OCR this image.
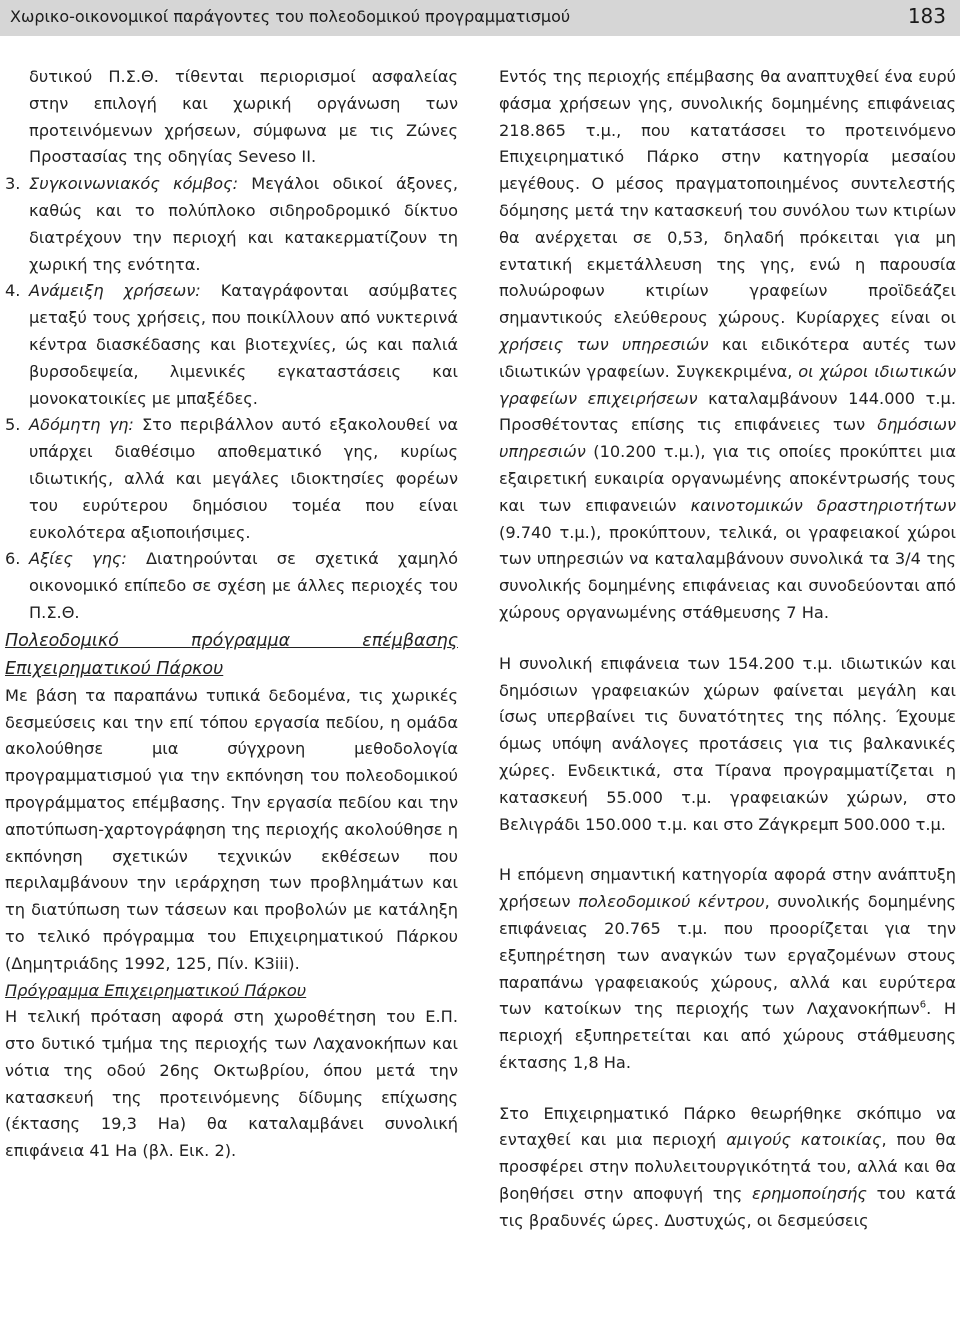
Χωρικο-οικονομικοί παράγοντες του πολεοδομικού προγραμματισμού	183

δυτικού Π.Σ.Θ. τίθενται περιορισμοί ασφαλείας στην επιλογή και χωρική οργάνωση των προτεινόμενων χρήσεων, σύμφωνα με τις Ζώνες Προστασίας της οδηγίας Seveso II.

3. Συγκοινωνιακός κόμβος: Μεγάλοι οδικοί άξονες, καθώς και το πολύπλοκο σιδηροδρομικό δίκτυο διατρέχουν την περιοχή και κατακερματίζουν τη χωρική της ενότητα.
4. Ανάμειξη χρήσεων: Καταγράφονται ασύμβατες μεταξύ τους χρήσεις, που ποικίλλουν από νυκτερινά κέντρα διασκέδασης και βιοτεχνίες, ώς και παλιά βυρσοδεψεία, λιμενικές εγκαταστάσεις και μονοκατοικίες με μπαξέδες.
5. Αδόμητη γη: Στο περιβάλλον αυτό εξακολουθεί να υπάρχει διαθέσιμο αποθεματικό γης, κυρίως ιδιωτικής, αλλά και μεγάλες ιδιοκτησίες φορέων του ευρύτερου δημόσιου τομέα που είναι ευκολότερα αξιοποιήσιμες.
6. Αξίες γης: Διατηρούνται σε σχετικά χαμηλό οικονομικό επίπεδο σε σχέση με άλλες περιοχές του Π.Σ.Θ.

Πολεοδομικό πρόγραμμα επέμβασης Επιχειρηματικού Πάρκου

Με βάση τα παραπάνω τυπικά δεδομένα, τις χωρικές δεσμεύσεις και την επί τόπου εργασία πεδίου, η ομάδα ακολούθησε μια σύγχρονη μεθοδολογία προγραμματισμού για την εκπόνηση του πολεοδομικού προγράμματος επέμβασης. Την εργασία πεδίου και την αποτύπωση-χαρτογράφηση της περιοχής ακολούθησε η εκπόνηση σχετικών τεχνικών εκθέσεων που περιλαμβάνουν την ιεράρχηση των προβλημάτων και τη διατύπωση των τάσεων και προβολών με κατάληξη το τελικό πρόγραμμα του Επιχειρηματικού Πάρκου (Δημητριάδης 1992, 125, Πίν. K3iii).

Πρόγραμμα Επιχειρηματικού Πάρκου

Η τελική πρόταση αφορά στη χωροθέτηση του Ε.Π. στο δυτικό τμήμα της περιοχής των Λαχανοκήπων και νότια της οδού 26ης Οκτωβρίου, όπου μετά την κατασκευή της προτεινόμενης δίδυμης επίχωσης (έκτασης 19,3 Ha) θα καταλαμβάνει συνολική επιφάνεια 41 Ha (βλ. Εικ. 2).

Εντός της περιοχής επέμβασης θα αναπτυχθεί ένα ευρύ φάσμα χρήσεων γης, συνολικής δομημένης επιφάνειας 218.865 τ.μ., που κατατάσσει το προτεινόμενο Επιχειρηματικό Πάρκο στην κατηγορία μεσαίου μεγέθους. Ο μέσος πραγματοποιημένος συντελεστής δόμησης μετά την κατασκευή του συνόλου των κτιρίων θα ανέρχεται σε 0,53, δηλαδή πρόκειται για μη εντατική εκμετάλλευση της γης, ενώ η παρουσία πολυώροφων κτιρίων γραφείων προϊδεάζει σημαντικούς ελεύθερους χώρους. Κυρίαρχες είναι οι χρήσεις των υπηρεσιών και ειδικότερα αυτές των ιδιωτικών γραφείων. Συγκεκριμένα, οι χώροι ιδιωτικών γραφείων επιχειρήσεων καταλαμβάνουν 144.000 τ.μ. Προσθέτοντας επίσης τις επιφάνειες των δημόσιων υπηρεσιών (10.200 τ.μ.), για τις οποίες προκύπτει μια εξαιρετική ευκαιρία οργανωμένης αποκέντρωσής τους και των επιφανειών καινοτομικών δραστηριοτήτων (9.740 τ.μ.), προκύπτουν, τελικά, οι γραφειακοί χώροι των υπηρεσιών να καταλαμβάνουν συνολικά τα 3/4 της συνολικής δομημένης επιφάνειας και συνοδεύονται από χώρους οργανωμένης στάθμευσης 7 Ha.

Η συνολική επιφάνεια των 154.200 τ.μ. ιδιωτικών και δημόσιων γραφειακών χώρων φαίνεται μεγάλη και ίσως υπερβαίνει τις δυνατότητες της πόλης. Έχουμε όμως υπόψη ανάλογες προτάσεις για τις βαλκανικές χώρες. Ενδεικτικά, στα Τίρανα προγραμματίζεται η κατασκευή 55.000 τ.μ. γραφειακών χώρων, στο Βελιγράδι 150.000 τ.μ. και στο Ζάγκρεμπ 500.000 τ.μ.

Η επόμενη σημαντική κατηγορία αφορά στην ανάπτυξη χρήσεων πολεοδομικού κέντρου, συνολικής δομημένης επιφάνειας 20.765 τ.μ. που προορίζεται για την εξυπηρέτηση των αναγκών των εργαζομένων στους παραπάνω γραφειακούς χώρους, αλλά και ευρύτερα των κατοίκων της περιοχής των Λαχανοκήπων$^6$. Η περιοχή εξυπηρετείται και από χώρους στάθμευσης έκτασης 1,8 Ha.

Στο Επιχειρηματικό Πάρκο θεωρήθηκε σκόπιμο να ενταχθεί και μια περιοχή αμιγούς κατοικίας, που θα προσφέρει στην πολυλειτουργικότητά του, αλλά και θα βοηθήσει στην αποφυγή της ερημοποίησής του κατά τις βραδυνές ώρες. Δυστυχώς, οι δεσμεύσεις
